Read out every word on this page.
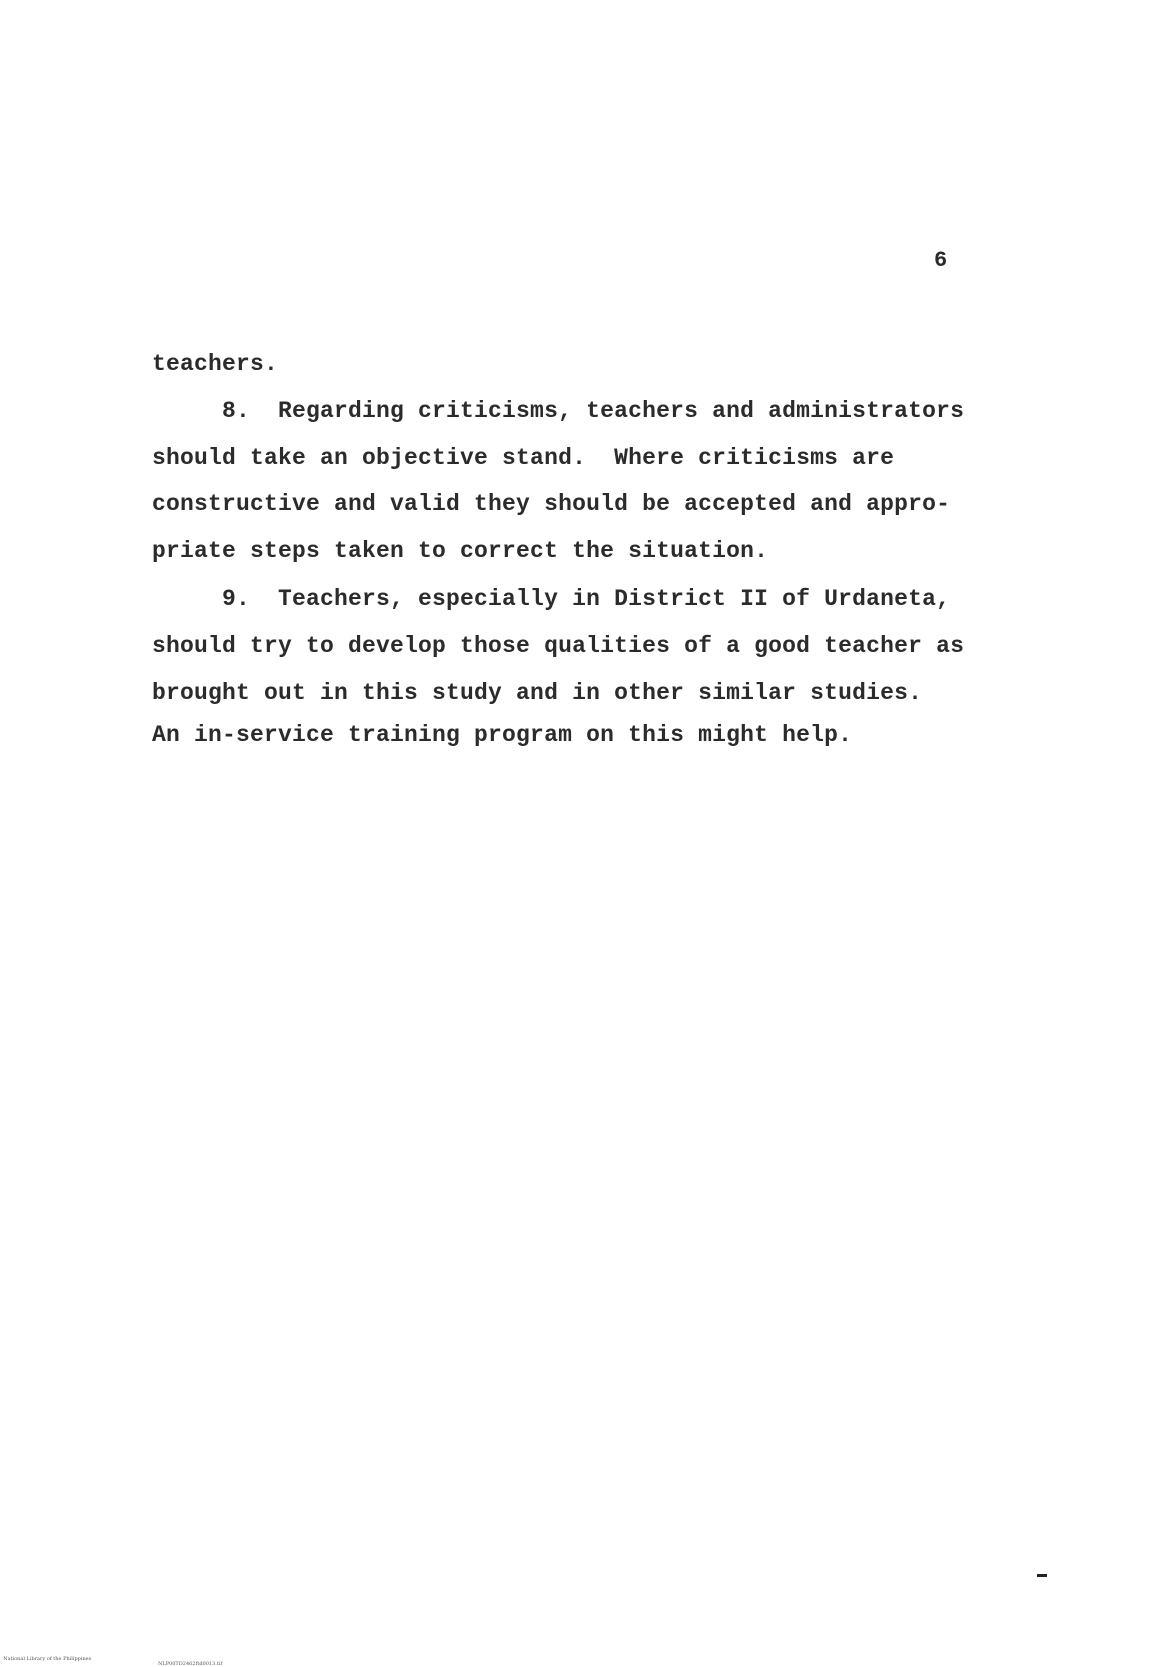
6
teachers.
8.  Regarding criticisms, teachers and administrators
should take an objective stand.  Where criticisms are
constructive and valid they should be accepted and appro-
priate steps taken to correct the situation.
9.  Teachers, especially in District II of Urdaneta,
should try to develop those qualities of a good teacher as
brought out in this study and in other similar studies.
An in-service training program on this might help.

National Library of the Philippines

NLP00TD2462ftd0013.tif
